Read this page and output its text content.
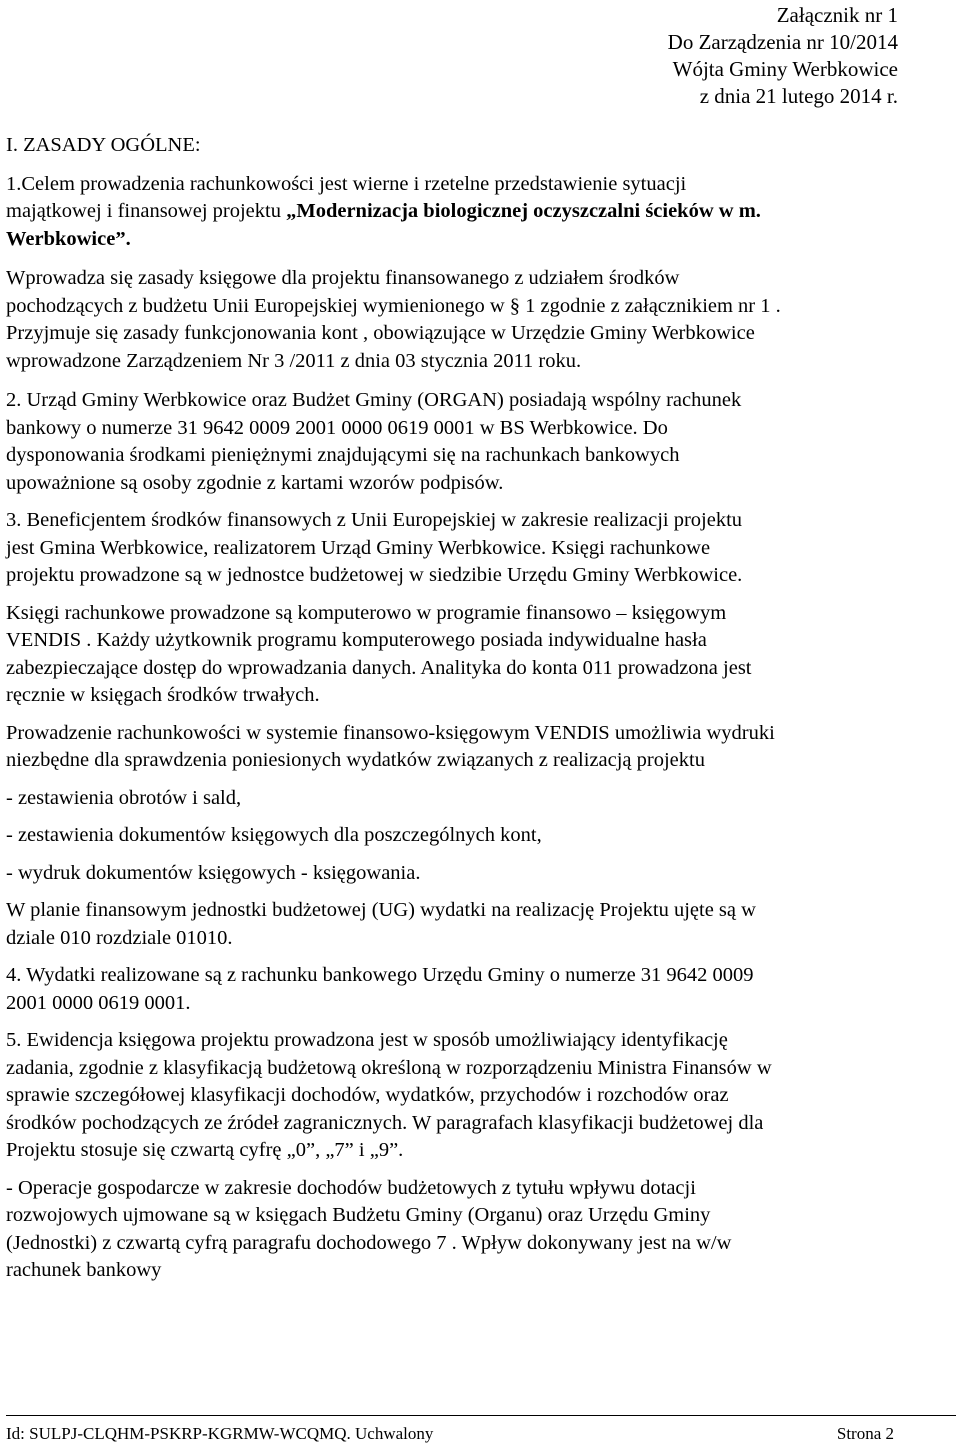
Załącznik nr 1
Do Zarządzenia nr 10/2014
Wójta Gminy Werbkowice
z dnia 21 lutego 2014 r.

I. ZASADY OGÓLNE:

1.Celem prowadzenia rachunkowości jest wierne i rzetelne przedstawienie sytuacji
majątkowej i finansowej projektu „Modernizacja biologicznej oczyszczalni ścieków w m.
Werbkowice”.

Wprowadza się zasady księgowe dla projektu finansowanego z udziałem środków
pochodzących z budżetu Unii Europejskiej wymienionego w § 1 zgodnie z załącznikiem nr 1 .
Przyjmuje się zasady funkcjonowania kont , obowiązujące w Urzędzie Gminy Werbkowice
wprowadzone Zarządzeniem Nr 3 /2011 z dnia 03 stycznia 2011 roku.

2. Urząd Gminy Werbkowice oraz Budżet Gminy (ORGAN) posiadają wspólny rachunek
bankowy o numerze 31 9642 0009 2001 0000 0619 0001 w BS Werbkowice. Do
dysponowania środkami pieniężnymi znajdującymi się na rachunkach bankowych
upoważnione są osoby zgodnie z kartami wzorów podpisów.

3. Beneficjentem środków finansowych z Unii Europejskiej w zakresie realizacji projektu
jest Gmina Werbkowice, realizatorem Urząd Gminy Werbkowice. Księgi rachunkowe
projektu prowadzone są w jednostce budżetowej w siedzibie Urzędu Gminy Werbkowice.

Księgi rachunkowe prowadzone są komputerowo w programie finansowo – księgowym
VENDIS . Każdy użytkownik programu komputerowego posiada indywidualne hasła
zabezpieczające dostęp do wprowadzania danych. Analityka do konta 011 prowadzona jest
ręcznie w księgach środków trwałych.

Prowadzenie rachunkowości w systemie finansowo-księgowym VENDIS umożliwia wydruki
niezbędne dla sprawdzenia poniesionych wydatków związanych z realizacją projektu

- zestawienia obrotów i sald,

- zestawienia dokumentów księgowych dla poszczególnych kont,

- wydruk dokumentów księgowych - księgowania.

W planie finansowym jednostki budżetowej (UG) wydatki na realizację Projektu ujęte są w
dziale 010 rozdziale 01010.

4. Wydatki realizowane są z rachunku bankowego Urzędu Gminy o numerze 31 9642 0009
2001 0000 0619 0001.

5. Ewidencja księgowa projektu prowadzona jest w sposób umożliwiający identyfikację
zadania, zgodnie z klasyfikacją budżetową określoną w rozporządzeniu Ministra Finansów w
sprawie szczegółowej klasyfikacji dochodów, wydatków, przychodów i rozchodów oraz
środków pochodzących ze źródeł zagranicznych. W paragrafach klasyfikacji budżetowej dla
Projektu stosuje się czwartą cyfrę „0”, „7” i „9”.

- Operacje gospodarcze w zakresie dochodów budżetowych z tytułu wpływu dotacji
rozwojowych ujmowane są w księgach Budżetu Gminy (Organu) oraz Urzędu Gminy
(Jednostki) z czwartą cyfrą paragrafu dochodowego 7 . Wpływ dokonywany jest na w/w
rachunek bankowy

Id: SULPJ-CLQHM-PSKRP-KGRMW-WCQMQ. Uchwalony	Strona 2
